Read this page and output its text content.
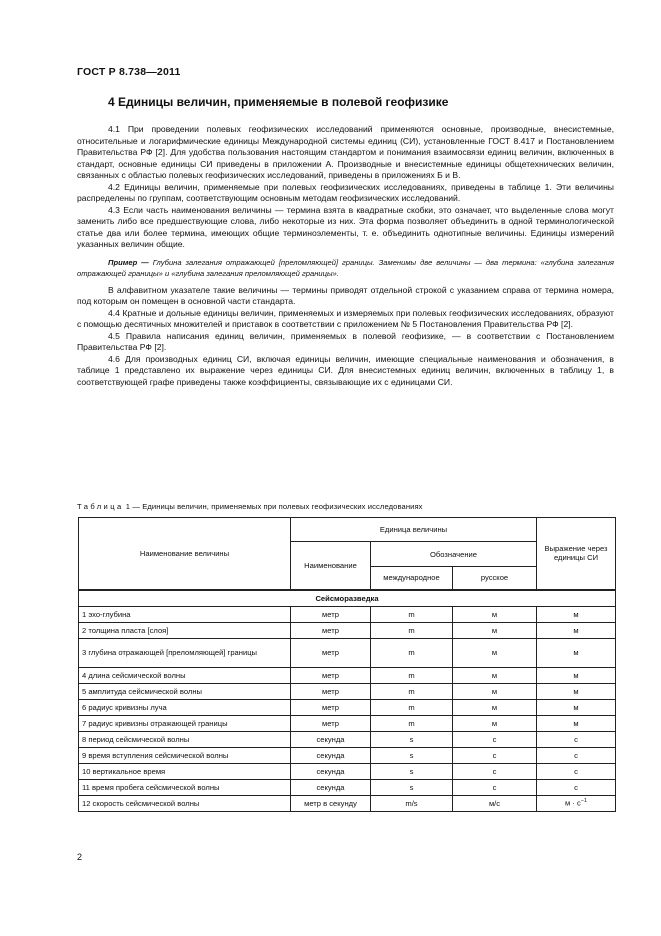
ГОСТ Р 8.738—2011
4 Единицы величин, применяемые в полевой геофизике

4.1 При проведении полевых геофизических исследований применяются основные, производные, внесистемные, относительные и логарифмические единицы Международной системы единиц (СИ), установленные ГОСТ 8.417 и Постановлением Правительства РФ [2]. Для удобства пользования настоящим стандартом и понимания взаимосвязи единиц величин, включенных в стандарт, основные единицы СИ приведены в приложении А. Производные и внесистемные единицы общетехнических величин, связанных с областью полевых геофизических исследований, приведены в приложениях Б и В.

4.2 Единицы величин, применяемые при полевых геофизических исследованиях, приведены в таблице 1. Эти величины распределены по группам, соответствующим основным методам геофизических исследований.

4.3 Если часть наименования величины — термина взята в квадратные скобки, это означает, что выделенные слова могут заменить либо все предшествующие слова, либо некоторые из них. Эта форма позволяет объединить в одной терминологической статье два или более термина, имеющих общие терминоэлементы, т. е. объединить однотипные величины. Единицы измерений указанных величин общие.

Пример — Глубина залегания отражающей [преломляющей] границы. Заменимы две величины — два термина: «глубина залегания отражающей границы» и «глубина залегания преломляющей границы».

В алфавитном указателе такие величины — термины приводят отдельной строкой с указанием справа от термина номера, под которым он помещен в основной части стандарта.

4.4 Кратные и дольные единицы величин, применяемых и измеряемых при полевых геофизических исследованиях, образуют с помощью десятичных множителей и приставок в соответствии с приложением № 5 Постановления Правительства РФ [2].

4.5 Правила написания единиц величин, применяемых в полевой геофизике, — в соответствии с Постановлением Правительства РФ [2].

4.6 Для производных единиц СИ, включая единицы величин, имеющие специальные наименования и обозначения, в таблице 1 представлено их выражение через единицы СИ. Для внесистемных единиц величин, включенных в таблицу 1, в соответствующей графе приведены также коэффициенты, связывающие их с единицами СИ.

Таблица 1 — Единицы величин, применяемых при полевых геофизических исследованиях
Наименование величины	Единица величины			Выражение через единицы СИ
	Наименование	Обозначение		
		международное	русское	
Сейсморазведка				
1 эхо-глубина	метр	m	м	м
2 толщина пласта [слоя]	метр	m	м	м
3 глубина отражающей [преломляющей] границы	метр	m	м	м
4 длина сейсмической волны	метр	m	м	м
5 амплитуда сейсмической волны	метр	m	м	м
6 радиус кривизны луча	метр	m	м	м
7 радиус кривизны отражающей границы	метр	m	м	м
8 период сейсмической волны	секунда	s	с	с
9 время вступления сейсмической волны	секунда	s	с	с
10 вертикальное время	секунда	s	с	с
11 время пробега сейсмической волны	секунда	s	с	с
12 скорость сейсмической волны	метр в секунду	m/s	м/с	$м \cdot с^{-1}$
2
